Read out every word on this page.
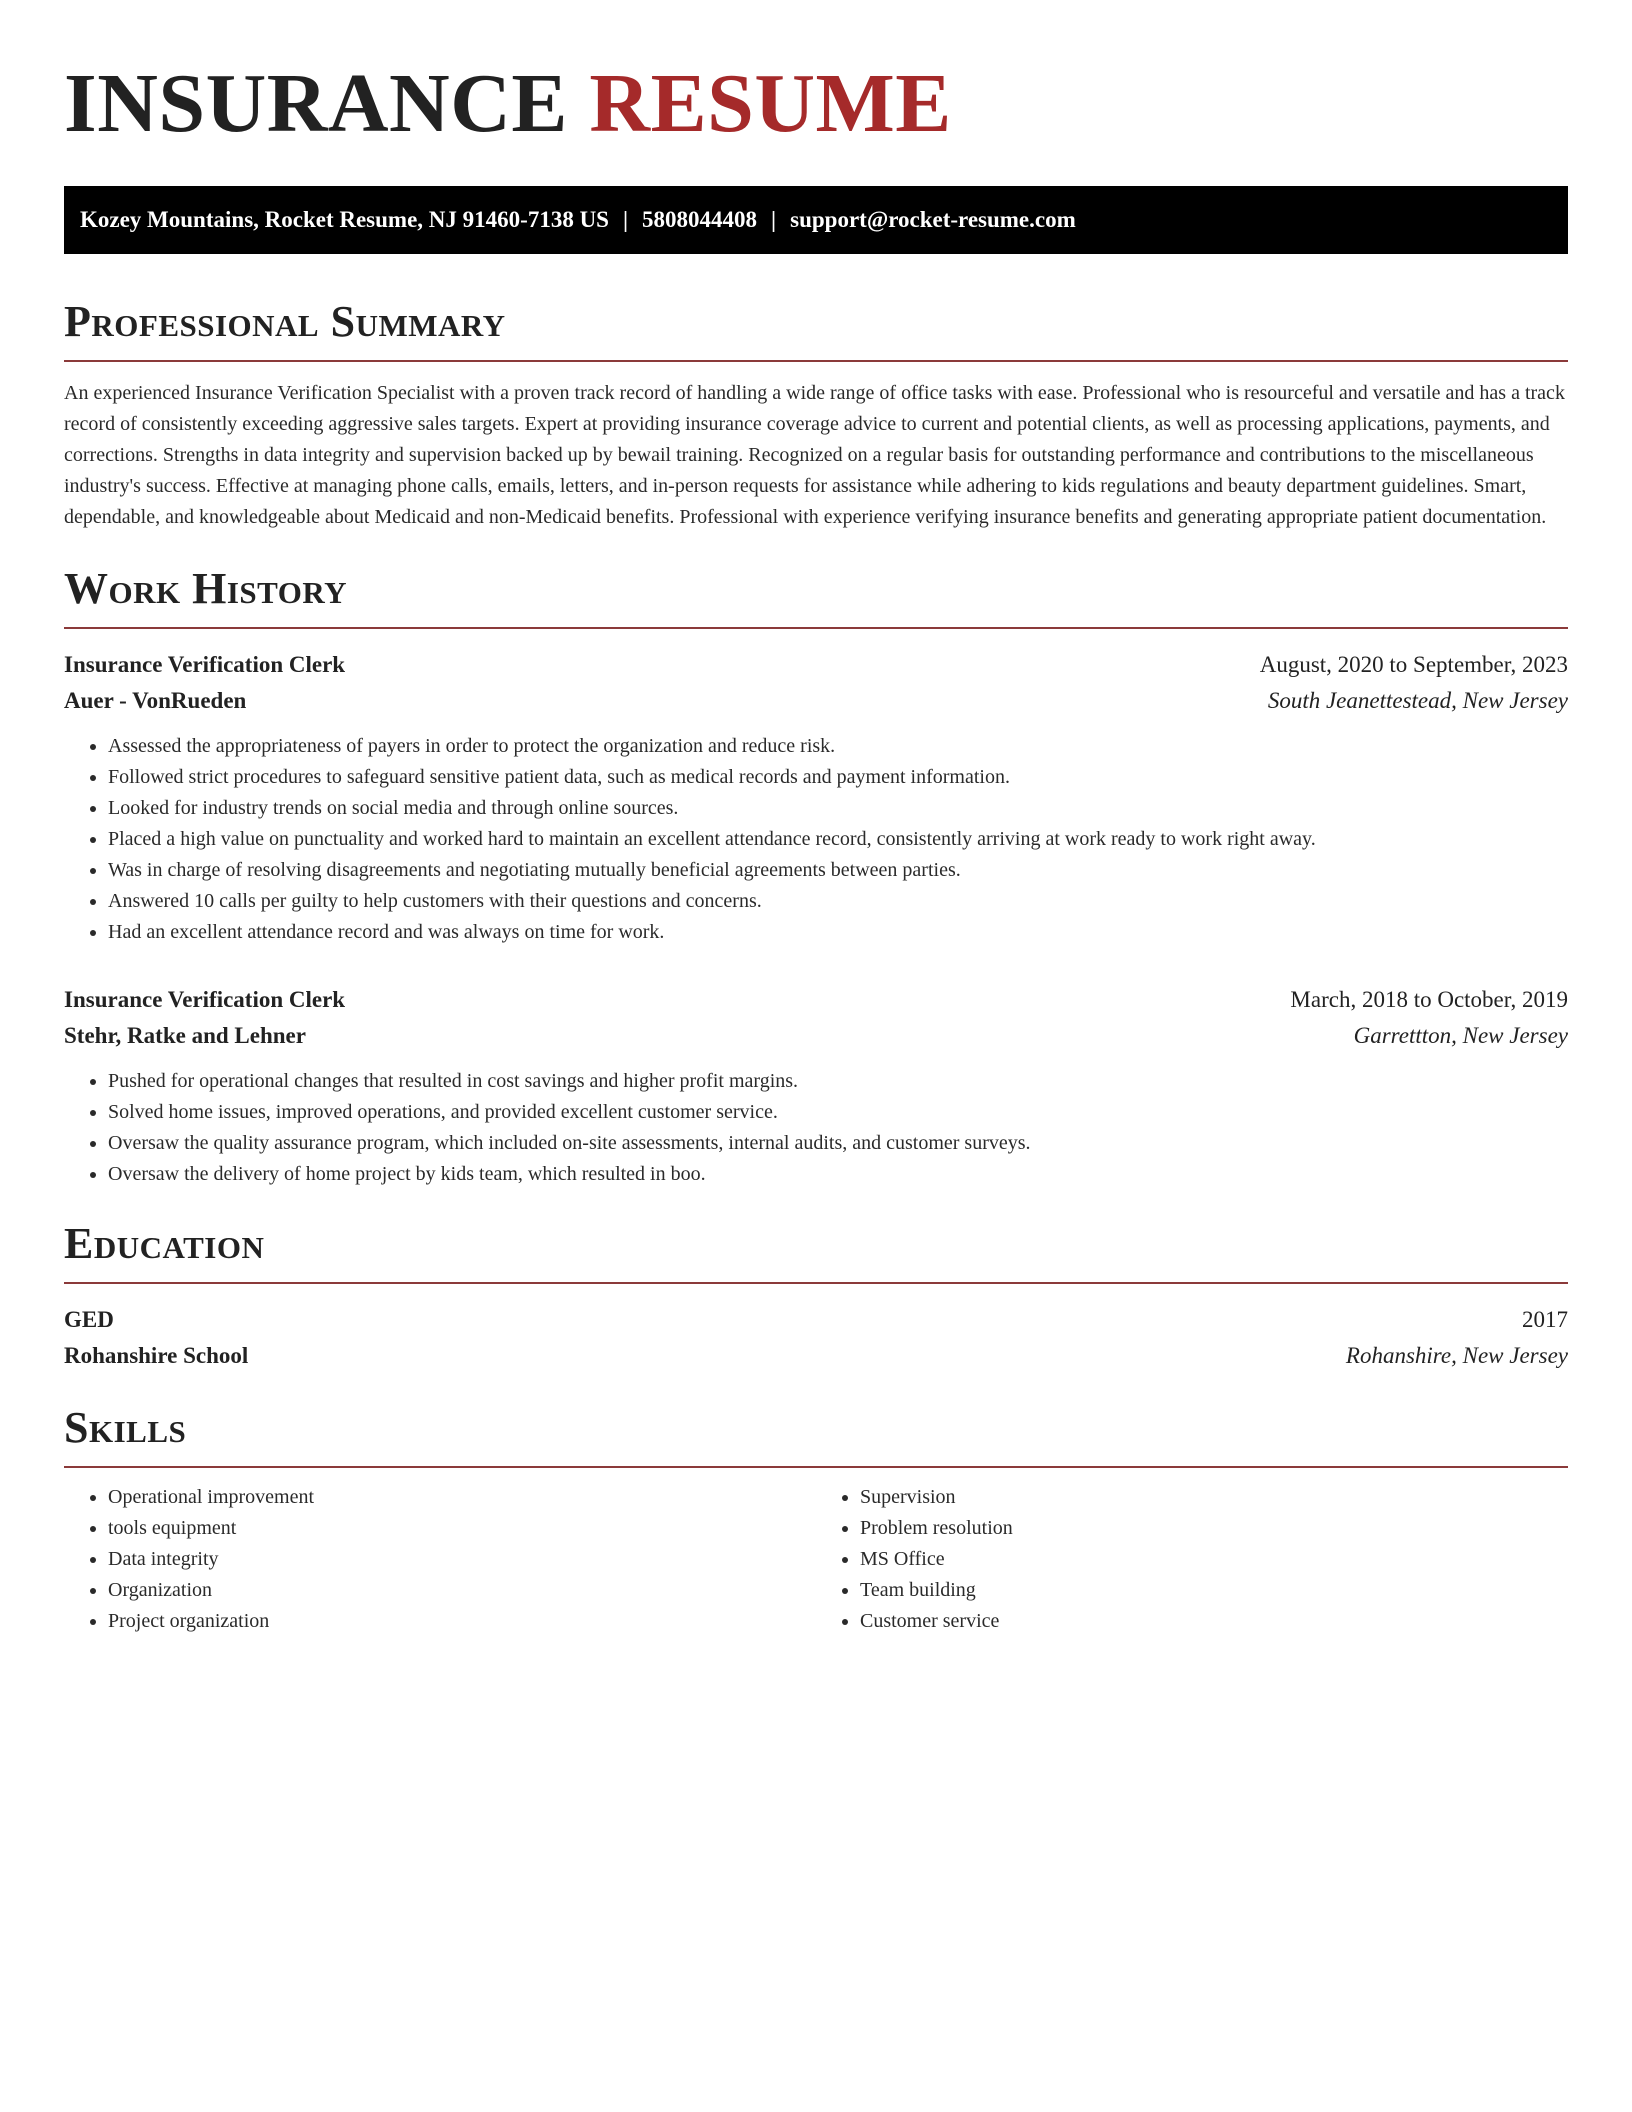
INSURANCE RESUME
Kozey Mountains, Rocket Resume, NJ 91460-7138 US | 5808044408 | support@rocket-resume.com
Professional Summary

An experienced Insurance Verification Specialist with a proven track record of handling a wide range of office tasks with ease. Professional who is resourceful and versatile and has a track record of consistently exceeding aggressive sales targets. Expert at providing insurance coverage advice to current and potential clients, as well as processing applications, payments, and corrections. Strengths in data integrity and supervision backed up by bewail training. Recognized on a regular basis for outstanding performance and contributions to the miscellaneous industry's success. Effective at managing phone calls, emails, letters, and in-person requests for assistance while adhering to kids regulations and beauty department guidelines. Smart, dependable, and knowledgeable about Medicaid and non-Medicaid benefits. Professional with experience verifying insurance benefits and generating appropriate patient documentation.

Work History
Insurance Verification Clerk	August, 2020 to September, 2023
Auer - VonRueden	South Jeanettestead, New Jersey
• Assessed the appropriateness of payers in order to protect the organization and reduce risk.
• Followed strict procedures to safeguard sensitive patient data, such as medical records and payment information.
• Looked for industry trends on social media and through online sources.
• Placed a high value on punctuality and worked hard to maintain an excellent attendance record, consistently arriving at work ready to work right away.
• Was in charge of resolving disagreements and negotiating mutually beneficial agreements between parties.
• Answered 10 calls per guilty to help customers with their questions and concerns.
• Had an excellent attendance record and was always on time for work.
Insurance Verification Clerk	March, 2018 to October, 2019
Stehr, Ratke and Lehner	Garrettton, New Jersey
• Pushed for operational changes that resulted in cost savings and higher profit margins.
• Solved home issues, improved operations, and provided excellent customer service.
• Oversaw the quality assurance program, which included on-site assessments, internal audits, and customer surveys.
• Oversaw the delivery of home project by kids team, which resulted in boo.
Education
GED	2017
Rohanshire School	Rohanshire, New Jersey
Skills
• Operational improvement
• tools equipment
• Data integrity
• Organization
• Project organization
• Supervision
• Problem resolution
• MS Office
• Team building
• Customer service
